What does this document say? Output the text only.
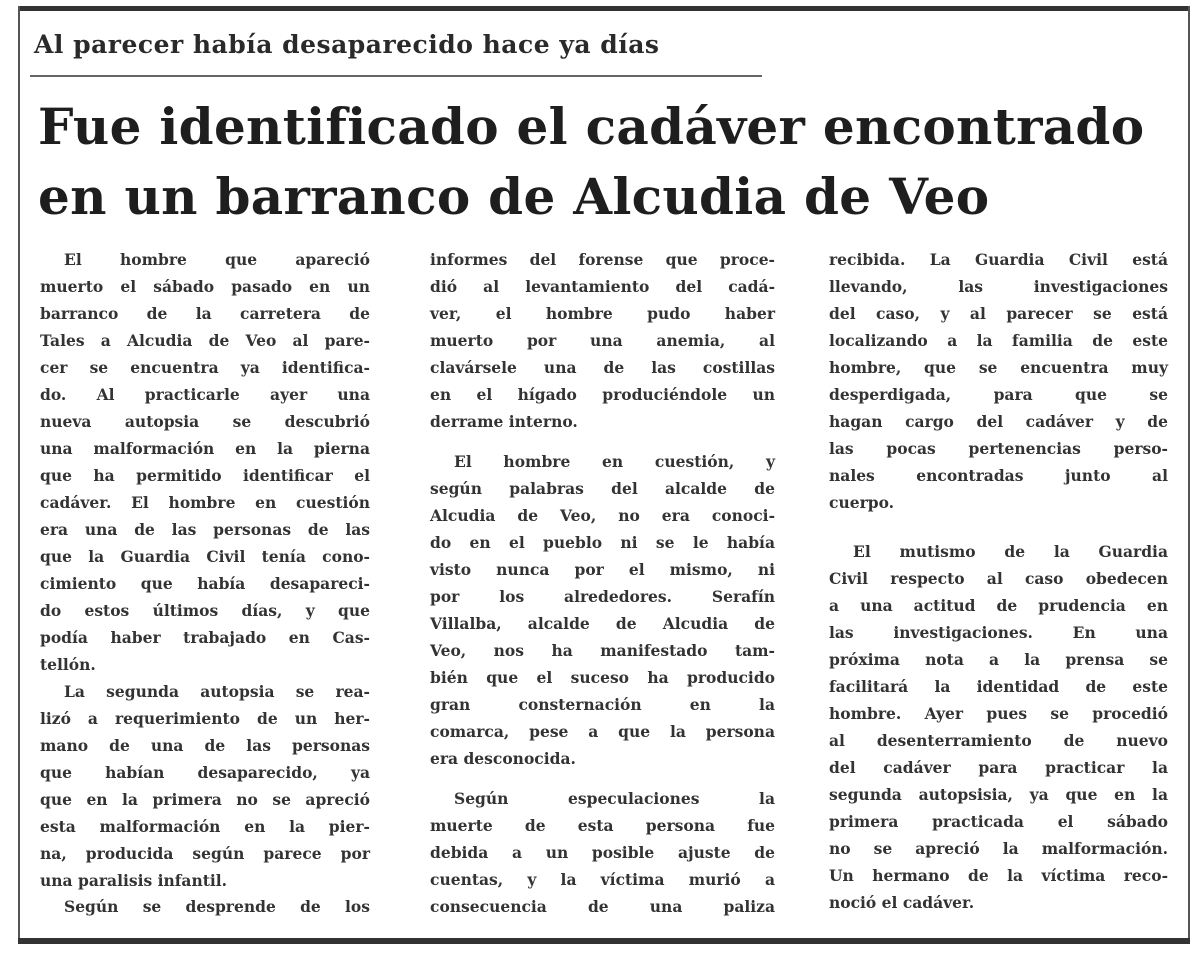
Al parecer había desaparecido hace ya días
Fue identificado el cadáver encontrado
en un barranco de Alcudia de Veo
El hombre que apareció
muerto el sábado pasado en un
barranco de la carretera de
Tales a Alcudia de Veo al pare-
cer se encuentra ya identifica-
do. Al practicarle ayer una
nueva autopsia se descubrió
una malformación en la pierna
que ha permitido identificar el
cadáver. El hombre en cuestión
era una de las personas de las
que la Guardia Civil tenía cono-
cimiento que había desapareci-
do estos últimos días, y que
podía haber trabajado en Cas-
tellón.
La segunda autopsia se rea-
lizó a requerimiento de un her-
mano de una de las personas
que habían desaparecido, ya
que en la primera no se apreció
esta malformación en la pier-
na, producida según parece por
una paralisis infantil.
Según se desprende de los
informes del forense que proce-
dió al levantamiento del cadá-
ver, el hombre pudo haber
muerto por una anemia, al
clavársele una de las costillas
en el hígado produciéndole un
derrame interno.
El hombre en cuestión, y
según palabras del alcalde de
Alcudia de Veo, no era conoci-
do en el pueblo ni se le había
visto nunca por el mismo, ni
por los alrededores. Serafín
Villalba, alcalde de Alcudia de
Veo, nos ha manifestado tam-
bién que el suceso ha producido
gran consternación en la
comarca, pese a que la persona
era desconocida.
Según especulaciones la
muerte de esta persona fue
debida a un posible ajuste de
cuentas, y la víctima murió a
consecuencia de una paliza
recibida. La Guardia Civil está
llevando, las investigaciones
del caso, y al parecer se está
localizando a la familia de este
hombre, que se encuentra muy
desperdigada, para que se
hagan cargo del cadáver y de
las pocas pertenencias perso-
nales encontradas junto al
cuerpo.
El mutismo de la Guardia
Civil respecto al caso obedecen
a una actitud de prudencia en
las investigaciones. En una
próxima nota a la prensa se
facilitará la identidad de este
hombre. Ayer pues se procedió
al desenterramiento de nuevo
del cadáver para practicar la
segunda autopsisia, ya que en la
primera practicada el sábado
no se apreció la malformación.
Un hermano de la víctima reco-
noció el cadáver.
